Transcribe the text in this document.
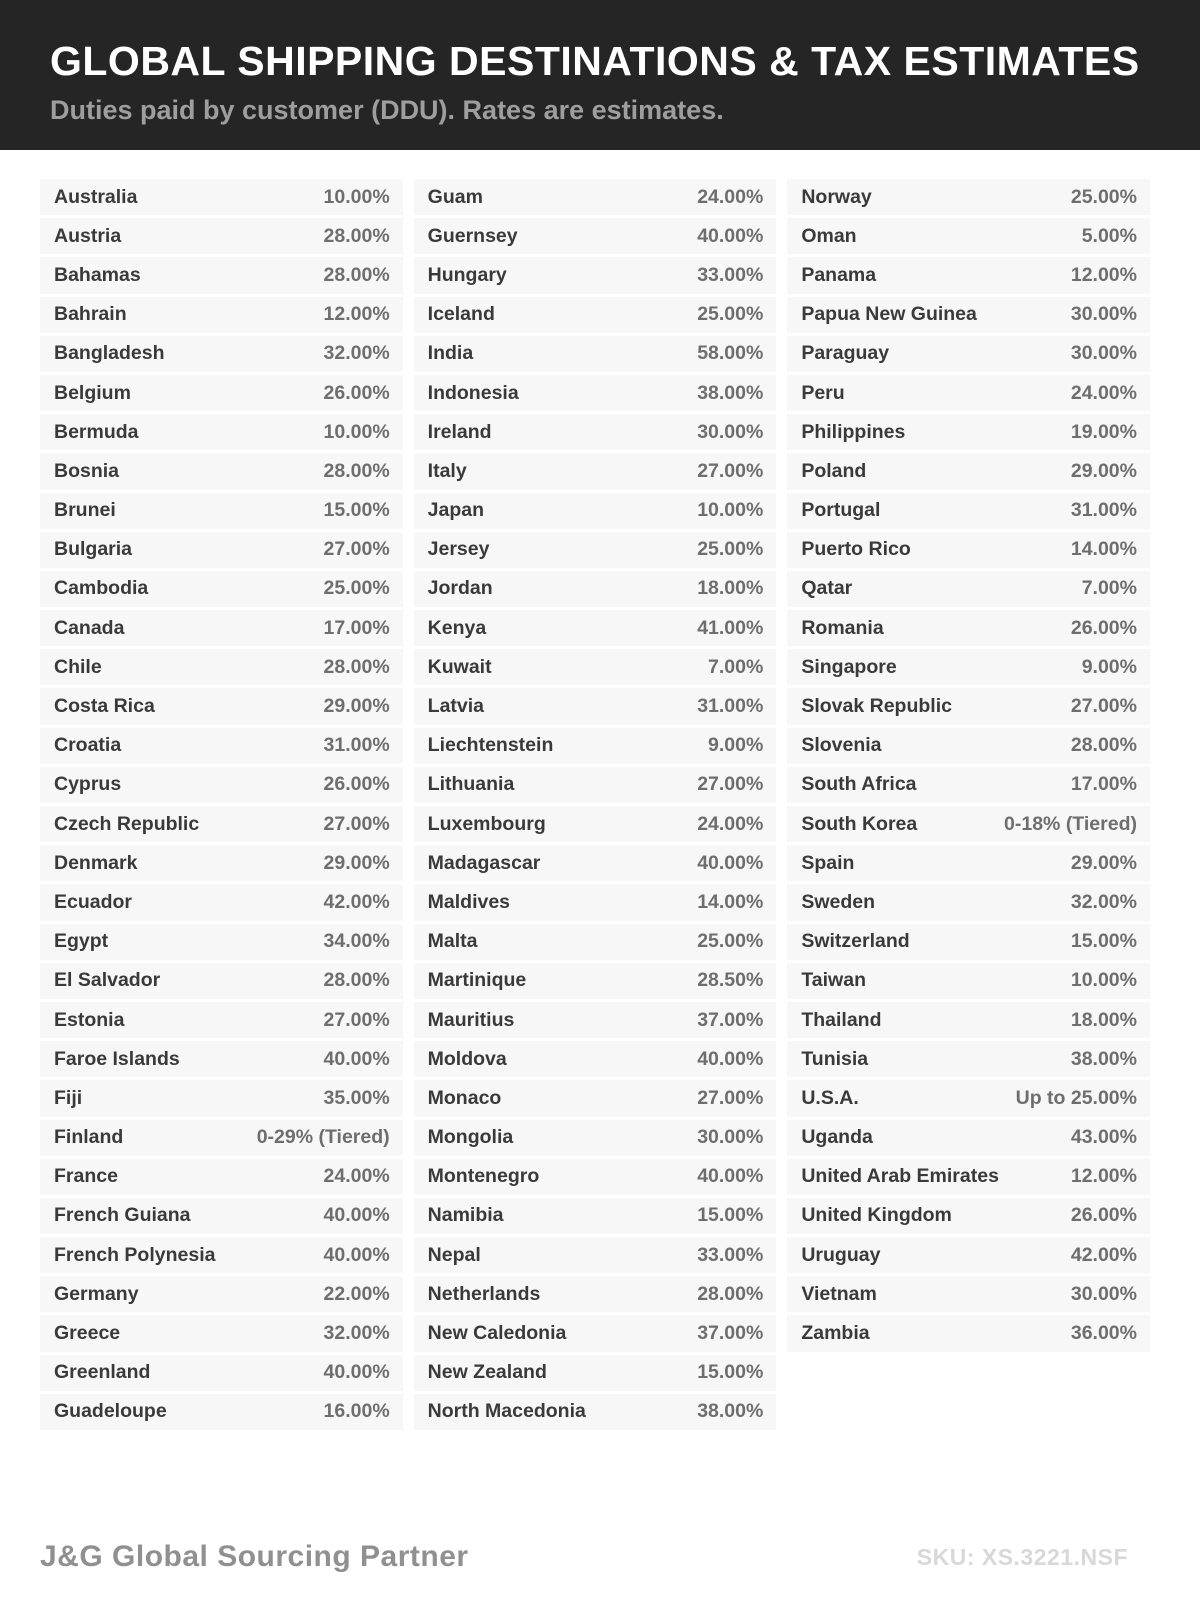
GLOBAL SHIPPING DESTINATIONS & TAX ESTIMATES
Duties paid by customer (DDU). Rates are estimates.
Australia	10.00%
Austria	28.00%
Bahamas	28.00%
Bahrain	12.00%
Bangladesh	32.00%
Belgium	26.00%
Bermuda	10.00%
Bosnia	28.00%
Brunei	15.00%
Bulgaria	27.00%
Cambodia	25.00%
Canada	17.00%
Chile	28.00%
Costa Rica	29.00%
Croatia	31.00%
Cyprus	26.00%
Czech Republic	27.00%
Denmark	29.00%
Ecuador	42.00%
Egypt	34.00%
El Salvador	28.00%
Estonia	27.00%
Faroe Islands	40.00%
Fiji	35.00%
Finland	0-29% (Tiered)
France	24.00%
French Guiana	40.00%
French Polynesia	40.00%
Germany	22.00%
Greece	32.00%
Greenland	40.00%
Guadeloupe	16.00%
Guam	24.00%
Guernsey	40.00%
Hungary	33.00%
Iceland	25.00%
India	58.00%
Indonesia	38.00%
Ireland	30.00%
Italy	27.00%
Japan	10.00%
Jersey	25.00%
Jordan	18.00%
Kenya	41.00%
Kuwait	7.00%
Latvia	31.00%
Liechtenstein	9.00%
Lithuania	27.00%
Luxembourg	24.00%
Madagascar	40.00%
Maldives	14.00%
Malta	25.00%
Martinique	28.50%
Mauritius	37.00%
Moldova	40.00%
Monaco	27.00%
Mongolia	30.00%
Montenegro	40.00%
Namibia	15.00%
Nepal	33.00%
Netherlands	28.00%
New Caledonia	37.00%
New Zealand	15.00%
North Macedonia	38.00%
Norway	25.00%
Oman	5.00%
Panama	12.00%
Papua New Guinea	30.00%
Paraguay	30.00%
Peru	24.00%
Philippines	19.00%
Poland	29.00%
Portugal	31.00%
Puerto Rico	14.00%
Qatar	7.00%
Romania	26.00%
Singapore	9.00%
Slovak Republic	27.00%
Slovenia	28.00%
South Africa	17.00%
South Korea	0-18% (Tiered)
Spain	29.00%
Sweden	32.00%
Switzerland	15.00%
Taiwan	10.00%
Thailand	18.00%
Tunisia	38.00%
U.S.A.	Up to 25.00%
Uganda	43.00%
United Arab Emirates	12.00%
United Kingdom	26.00%
Uruguay	42.00%
Vietnam	30.00%
Zambia	36.00%
J&G Global Sourcing Partner	SKU: XS.3221.NSF
